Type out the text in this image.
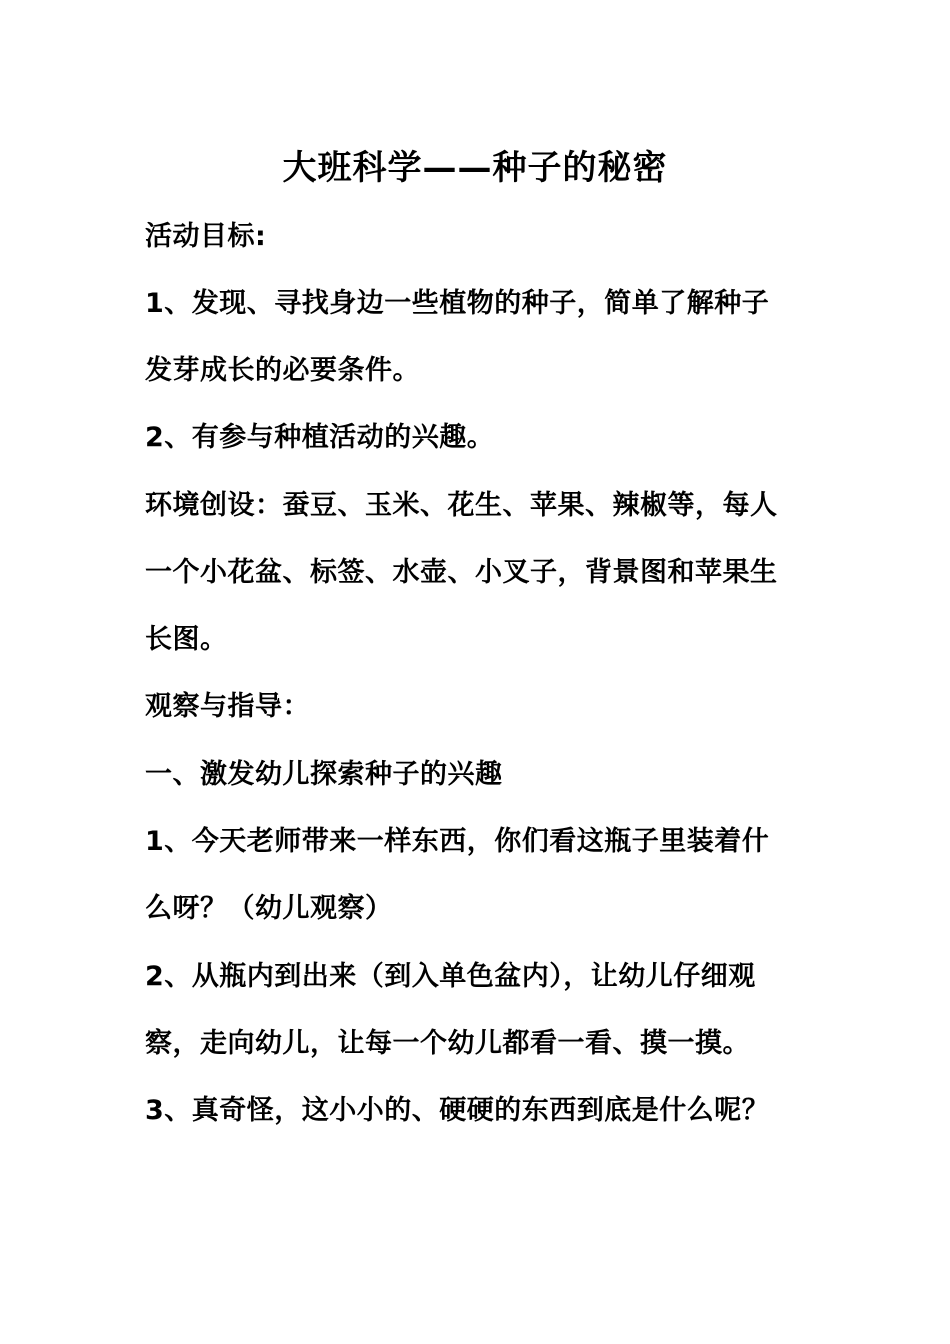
大班科学——种子的秘密
活动目标:
1、发现、寻找身边一些植物的种子，简单了解种子
发芽成长的必要条件。
2、有参与种植活动的兴趣。
环境创设：蚕豆、玉米、花生、苹果、辣椒等，每人
一个小花盆、标签、水壶、小叉子，背景图和苹果生
长图。
观察与指导：
一、激发幼儿探索种子的兴趣
1、今天老师带来一样东西，你们看这瓶子里装着什
么呀？（幼儿观察）
2、从瓶内到出来（到入单色盆内），让幼儿仔细观
察，走向幼儿，让每一个幼儿都看一看、摸一摸。
3、真奇怪，这小小的、硬硬的东西到底是什么呢？
